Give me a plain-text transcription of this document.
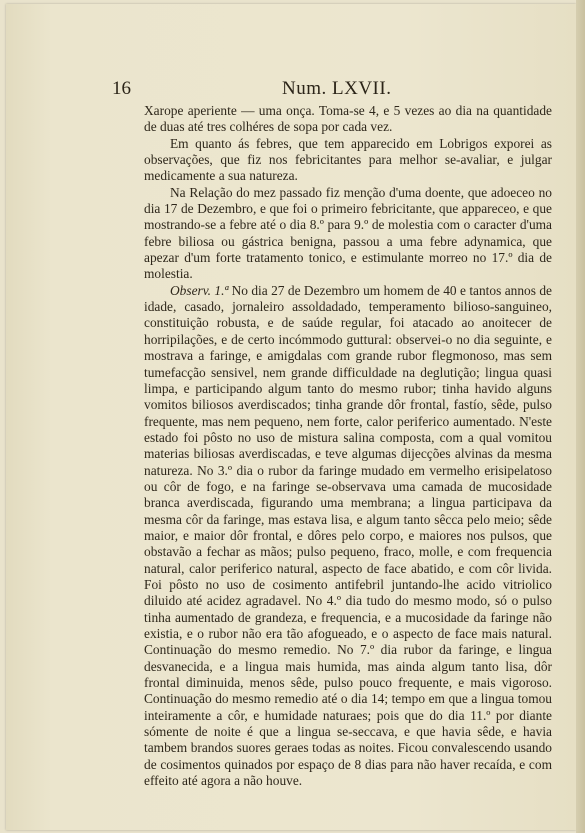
16	Num. LXVII.

Xarope aperiente — uma onça. Toma-se 4, e 5 vezes ao dia na quantidade de duas até tres colhéres de sopa por cada vez.

Em quanto ás febres, que tem apparecido em Lobrigos exporei as observações, que fiz nos febricitantes para melhor se-avaliar, e julgar medicamente a sua natureza.

Na Relação do mez passado fiz menção d'uma doente, que adoeceo no dia 17 de Dezembro, e que foi o primeiro febricitante, que appareceo, e que mostrando-se a febre até o dia 8.º para 9.º de molestia com o caracter d'uma febre biliosa ou gástrica benigna, passou a uma febre adynamica, que apezar d'um forte tratamento tonico, e estimulante morreo no 17.º dia de molestia.

Observ. 1.ª No dia 27 de Dezembro um homem de 40 e tantos annos de idade, casado, jornaleiro assoldadado, temperamento bilioso-sanguineo, constituição robusta, e de saúde regular, foi atacado ao anoitecer de horripilações, e de certo incómmodo guttural: observei-o no dia seguinte, e mostrava a faringe, e amigdalas com grande rubor flegmonoso, mas sem tumefacção sensivel, nem grande difficuldade na deglutição; lingua quasi limpa, e participando algum tanto do mesmo rubor; tinha havido alguns vomitos biliosos averdiscados; tinha grande dôr frontal, fastío, sêde, pulso frequente, mas nem pequeno, nem forte, calor periferico aumentado. N'este estado foi pôsto no uso de mistura salina composta, com a qual vomitou materias biliosas averdiscadas, e teve algumas dijecções alvinas da mesma natureza. No 3.º dia o rubor da faringe mudado em vermelho erisipelatoso ou côr de fogo, e na faringe se-observava uma camada de mucosidade branca averdiscada, figurando uma membrana; a lingua participava da mesma côr da faringe, mas estava lisa, e algum tanto sêcca pelo meio; sêde maior, e maior dôr frontal, e dôres pelo corpo, e maiores nos pulsos, que obstavão a fechar as mãos; pulso pequeno, fraco, molle, e com frequencia natural, calor periferico natural, aspecto de face abatido, e com côr livida. Foi pôsto no uso de cosimento antifebril juntando-lhe acido vitriolico diluido até acidez agradavel. No 4.º dia tudo do mesmo modo, só o pulso tinha aumentado de grandeza, e frequencia, e a mucosidade da faringe não existia, e o rubor não era tão afogueado, e o aspecto de face mais natural. Continuação do mesmo remedio. No 7.º dia rubor da faringe, e lingua desvanecida, e a lingua mais humida, mas ainda algum tanto lisa, dôr frontal diminuida, menos sêde, pulso pouco frequente, e mais vigoroso. Continuação do mesmo remedio até o dia 14; tempo em que a lingua tomou inteiramente a côr, e humidade naturaes; pois que do dia 11.º por diante sómente de noite é que a lingua se-seccava, e que havia sêde, e havia tambem brandos suores geraes todas as noites. Ficou convalescendo usando de cosimentos quinados por espaço de 8 dias para não haver recaída, e com effeito até agora a não houve.
